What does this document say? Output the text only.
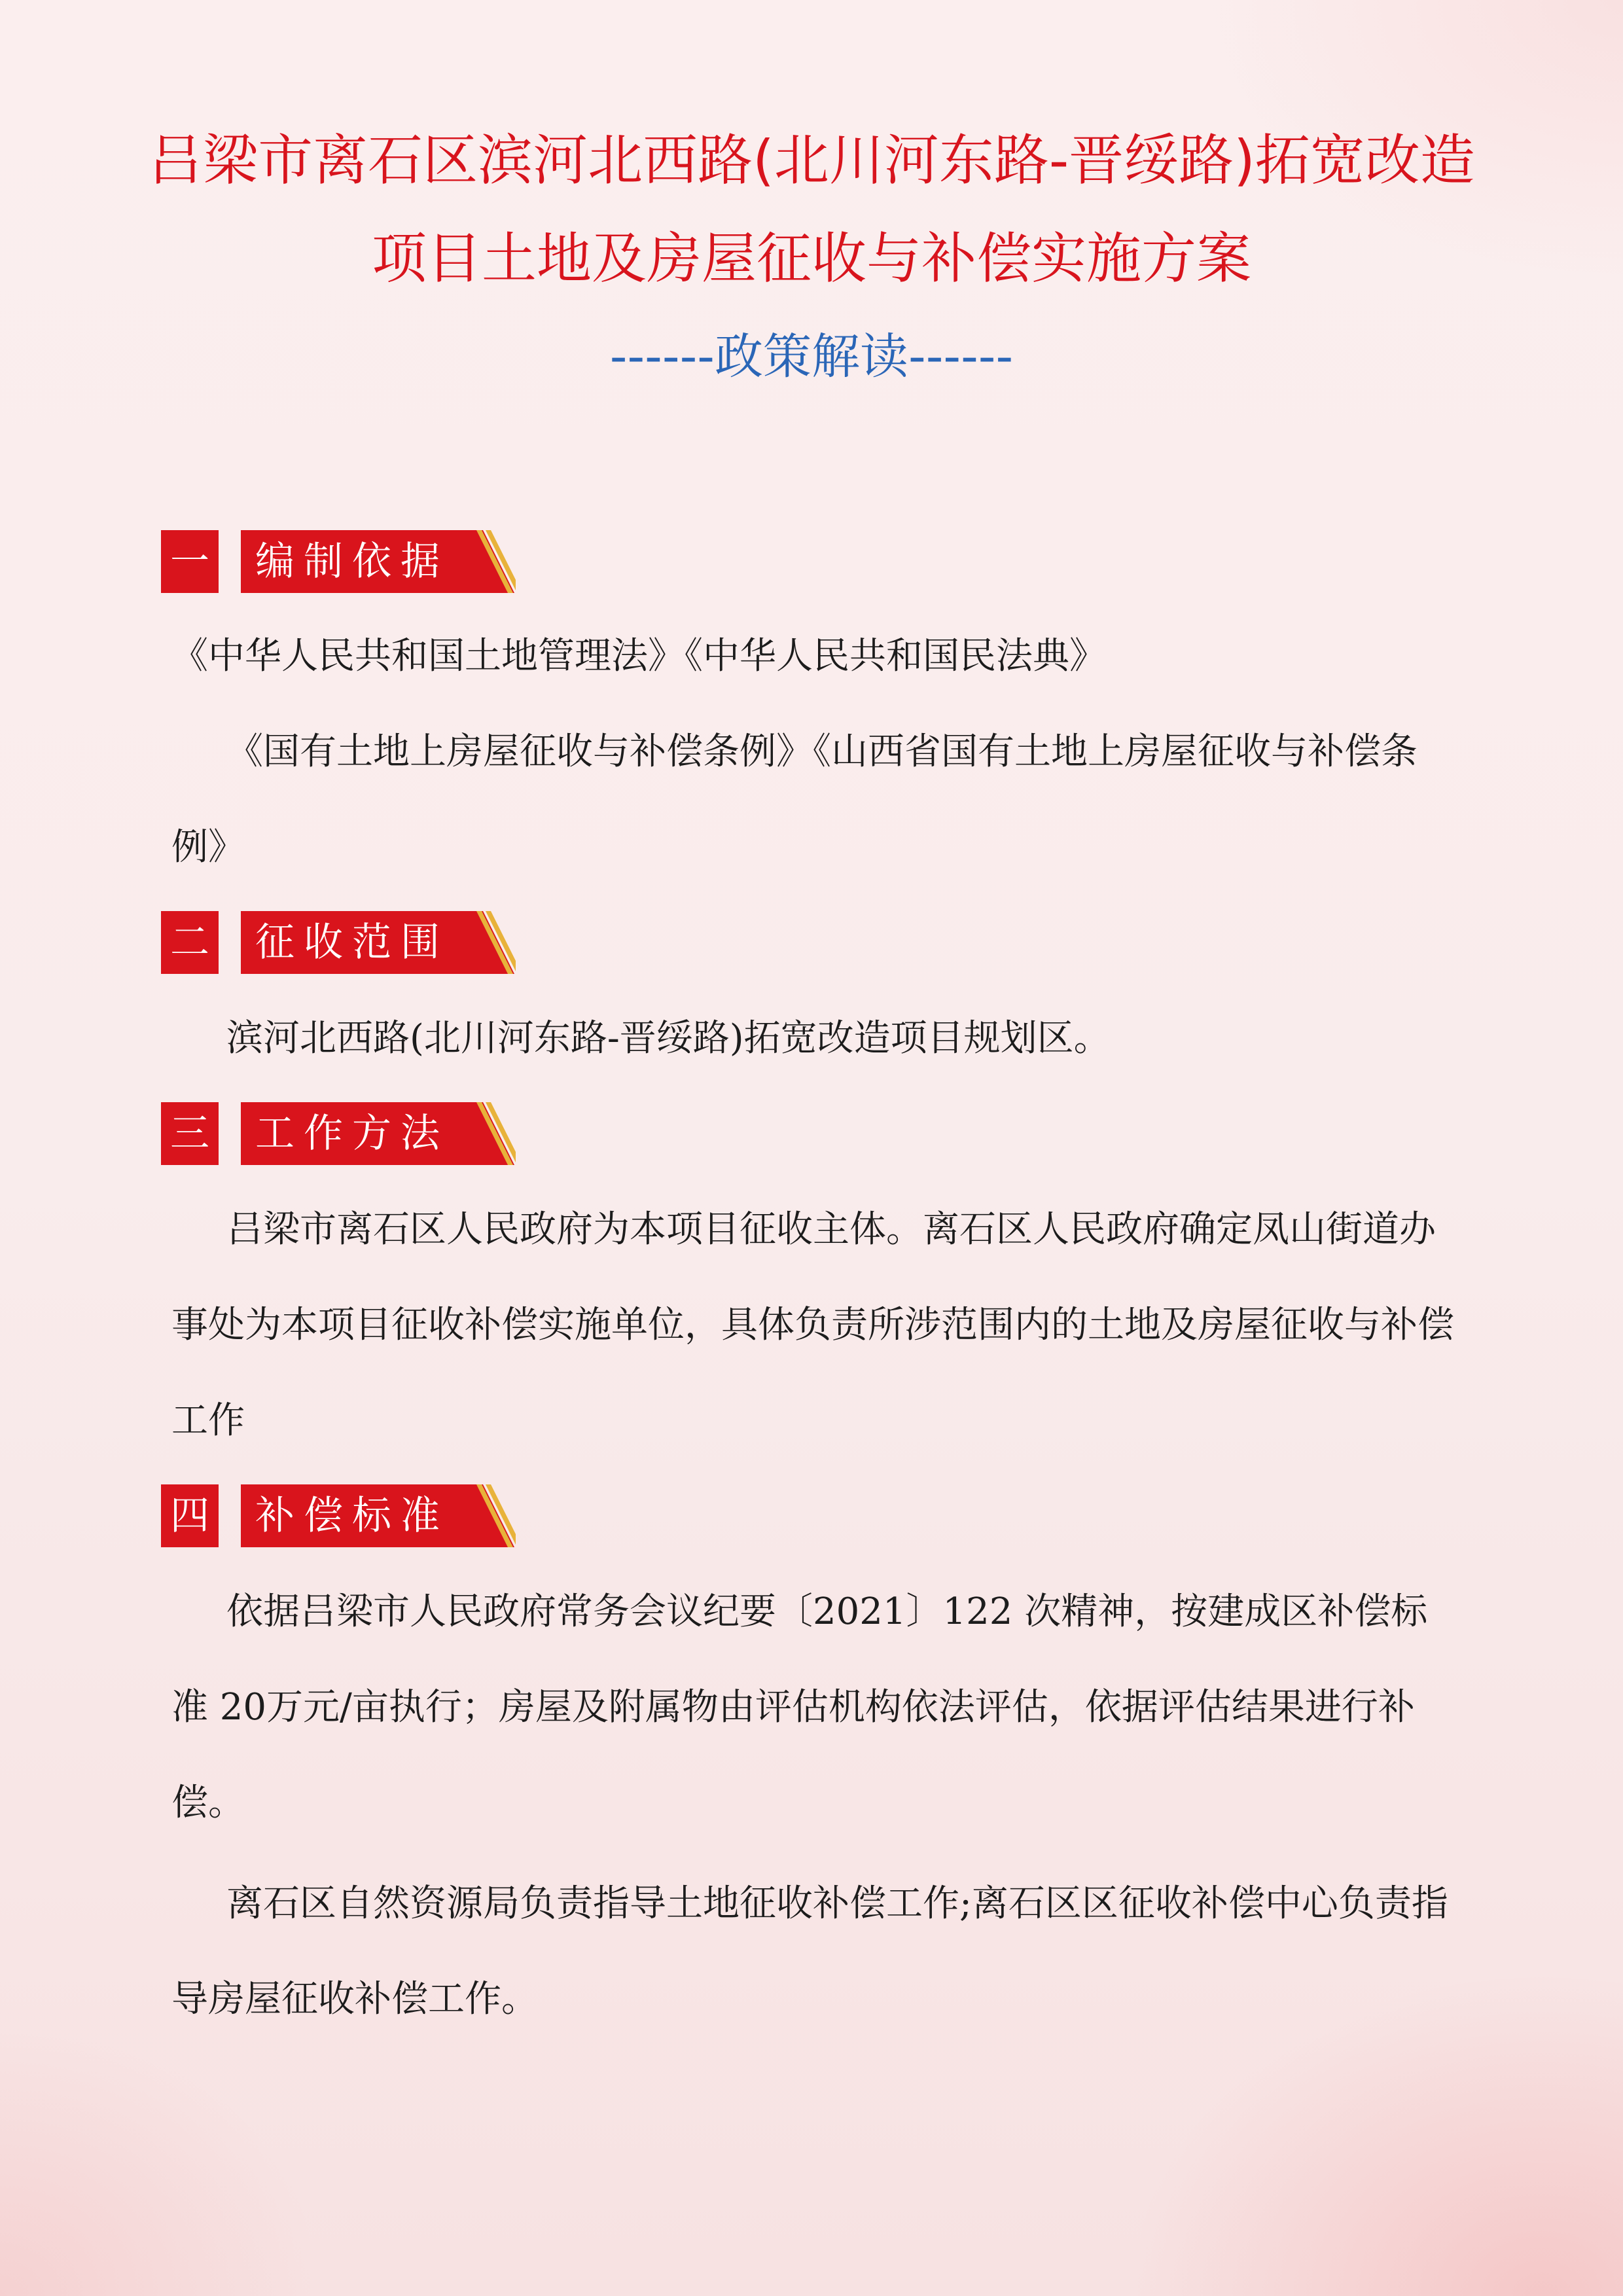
吕梁市离石区滨河北西路(北川河东路-晋绥路)拓宽改造
项目土地及房屋征收与补偿实施方案
------政策解读------
一 编制依据

《中华人民共和国土地管理法》《中华人民共和国民法典》

《国有土地上房屋征收与补偿条例》《山西省国有土地上房屋征收与补偿条例》

二 征收范围

滨河北西路(北川河东路-晋绥路)拓宽改造项目规划区。

三 工作方法

吕梁市离石区人民政府为本项目征收主体。离石区人民政府确定凤山街道办事处为本项目征收补偿实施单位，具体负责所涉范围内的土地及房屋征收与补偿工作

四 补偿标准

依据吕梁市人民政府常务会议纪要〔2021〕122 次精神，按建成区补偿标准 20万元/亩执行；房屋及附属物由评估机构依法评估，依据评估结果进行补偿。

离石区自然资源局负责指导土地征收补偿工作;离石区区征收补偿中心负责指导房屋征收补偿工作。
